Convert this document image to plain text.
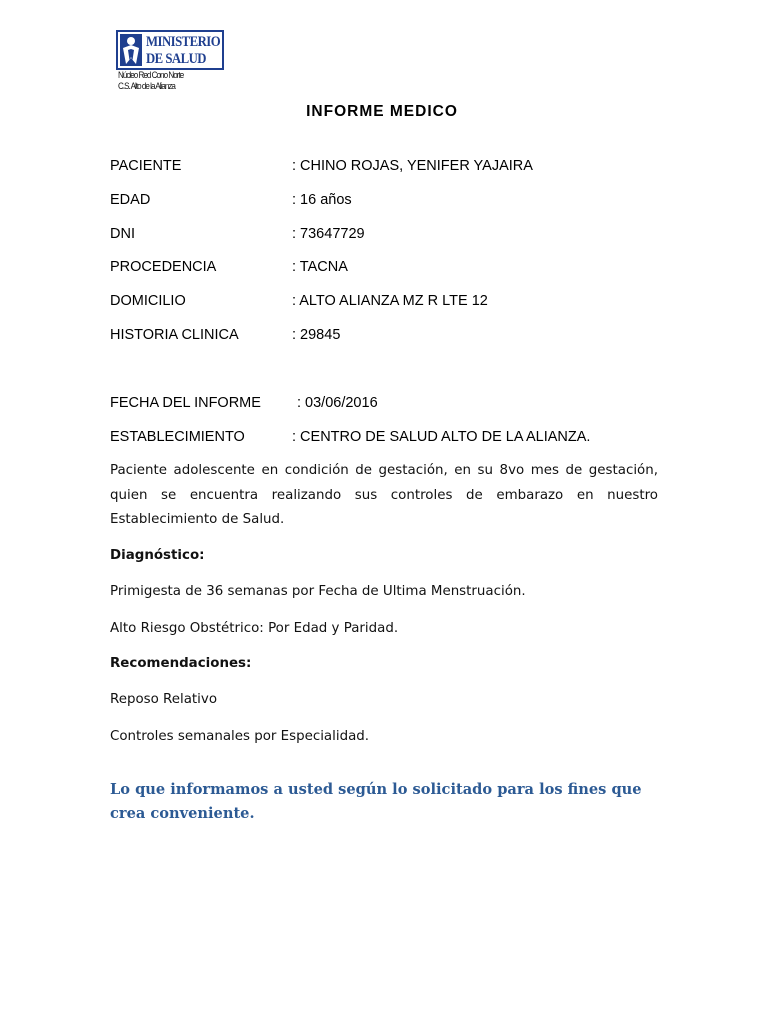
MINISTERIO
DE SALUD
Núcleo Red Cono Norte
C.S. Alto de la Alianza
INFORME MEDICO
PACIENTE	: CHINO ROJAS, YENIFER YAJAIRA
EDAD	: 16 años
DNI	: 73647729
PROCEDENCIA	: TACNA
DOMICILIO	: ALTO ALIANZA MZ R LTE 12
HISTORIA CLINICA	: 29845
FECHA DEL INFORME : 03/06/2016
ESTABLECIMIENTO	: CENTRO DE SALUD ALTO DE LA ALIANZA.
Paciente adolescente en condición de gestación, en su 8vo mes de gestación, quien se encuentra realizando sus controles de embarazo en nuestro Establecimiento de Salud.
Diagnóstico:
Primigesta de 36 semanas por Fecha de Ultima Menstruación.
Alto Riesgo Obstétrico: Por Edad y Paridad.
Recomendaciones:
Reposo Relativo
Controles semanales por Especialidad.
Lo que informamos a usted según lo solicitado para los fines que crea conveniente.
